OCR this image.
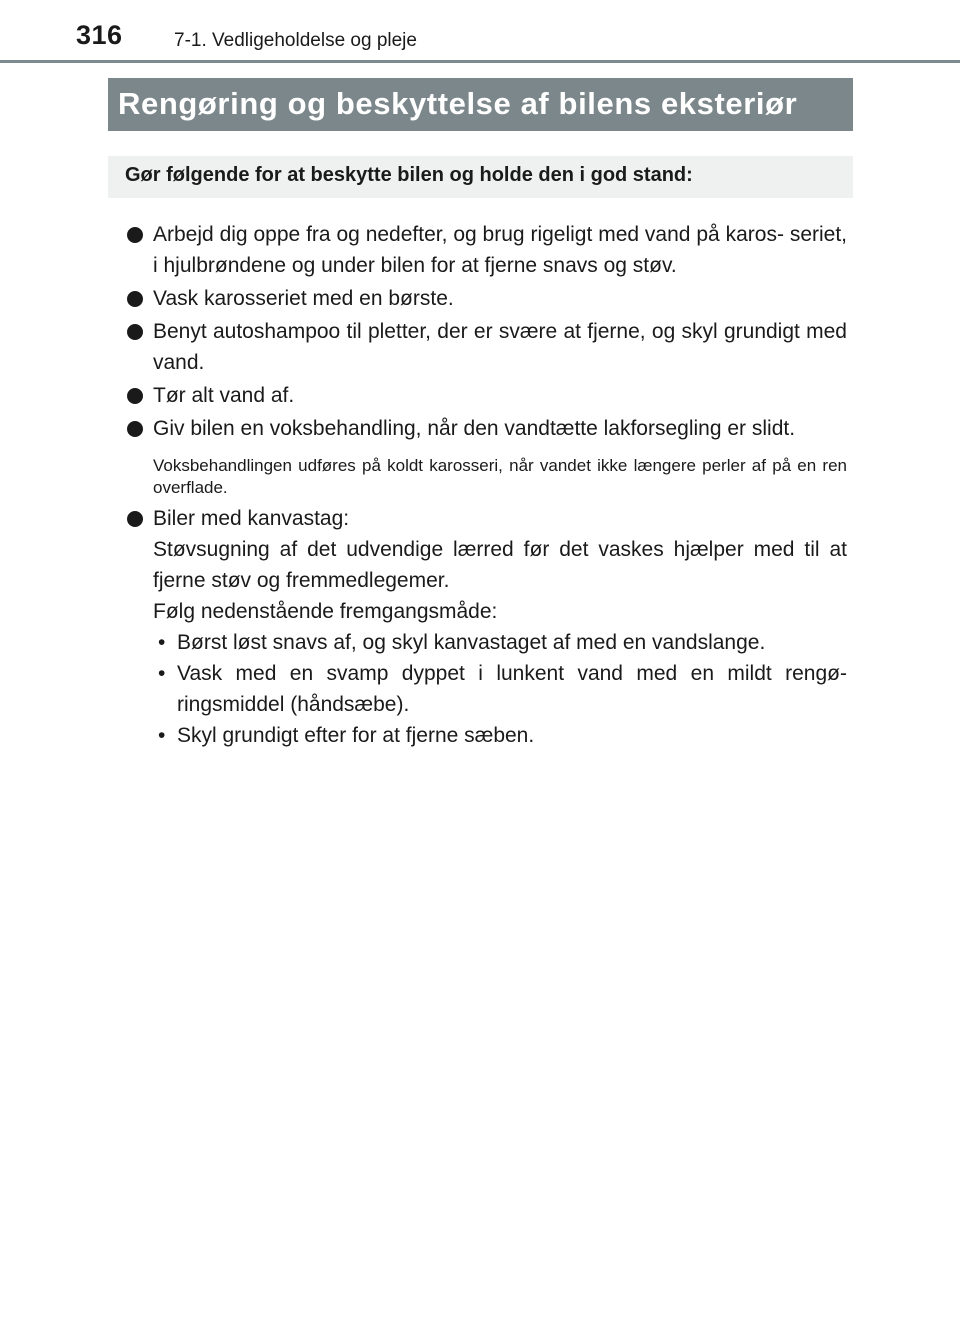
316	7-1. Vedligeholdelse og pleje
Rengøring og beskyttelse af bilens eksteriør
Gør følgende for at beskytte bilen og holde den i god stand:
Arbejd dig oppe fra og nedefter, og brug rigeligt med vand på karos- seriet, i hjulbrøndene og under bilen for at fjerne snavs og støv.
Vask karosseriet med en børste.
Benyt autoshampoo til pletter, der er svære at fjerne, og skyl grundigt med vand.
Tør alt vand af.
Giv bilen en voksbehandling, når den vandtætte lakforsegling er slidt.
Voksbehandlingen udføres på koldt karosseri, når vandet ikke længere perler af på en ren overflade.
Biler med kanvastag:
Støvsugning af det udvendige lærred før det vaskes hjælper med til at fjerne støv og fremmedlegemer.
Følg nedenstående fremgangsmåde:
• Børst løst snavs af, og skyl kanvastaget af med en vandslange.
• Vask med en svamp dyppet i lunkent vand med en mildt rengø- ringsmiddel (håndsæbe).
• Skyl grundigt efter for at fjerne sæben.
